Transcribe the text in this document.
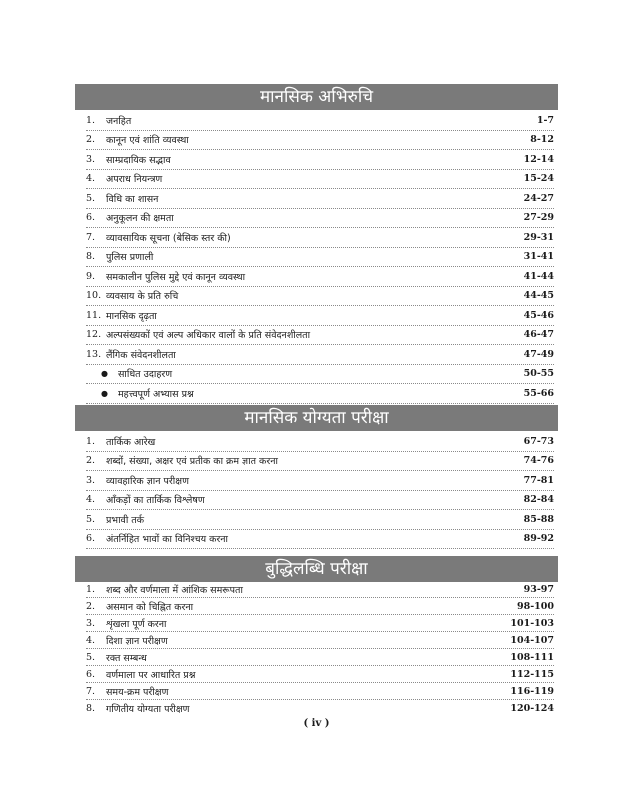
मानसिक अभिरुचि
1.	जनहित	1-7
2.	कानून एवं शांति व्यवस्था	8-12
3.	साम्प्रदायिक सद्भाव	12-14
4.	अपराध नियन्त्रण	15-24
5.	विधि का शासन	24-27
6.	अनुकूलन की क्षमता	27-29
7.	व्यावसायिक सूचना (बेसिक स्तर की)	29-31
8.	पुलिस प्रणाली	31-41
9.	समकालीन पुलिस मुद्दे एवं कानून व्यवस्था	41-44
10. व्यवसाय के प्रति रुचि	44-45
11. मानसिक दृढ़ता	45-46
12. अल्पसंख्यकों एवं अल्प अधिकार वालों के प्रति संवेदनशीलता	46-47
13. लैंगिक संवेदनशीलता	47-49
●	साधित उदाहरण	50-55
●	महत्त्वपूर्ण अभ्यास प्रश्न	55-66
मानसिक योग्यता परीक्षा
1.	तार्किक आरेख	67-73
2.	शब्दों, संख्या, अक्षर एवं प्रतीक का क्रम ज्ञात करना	74-76
3.	व्यावहारिक ज्ञान परीक्षण	77-81
4.	आँकड़ों का तार्किक विश्लेषण	82-84
5.	प्रभावी तर्क	85-88
6.	अंतर्निहित भावों का विनिश्चय करना	89-92
बुद्धिलब्धि परीक्षा
1.	शब्द और वर्णमाला में आंशिक समरूपता	93-97
2.	असमान को चिह्नित करना	98-100
3.	शृंखला पूर्ण करना	101-103
4.	दिशा ज्ञान परीक्षण	104-107
5.	रक्त सम्बन्ध	108-111
6.	वर्णमाला पर आधारित प्रश्न	112-115
7.	समय-क्रम परीक्षण	116-119
8.	गणितीय योग्यता परीक्षण	120-124
( iv )
